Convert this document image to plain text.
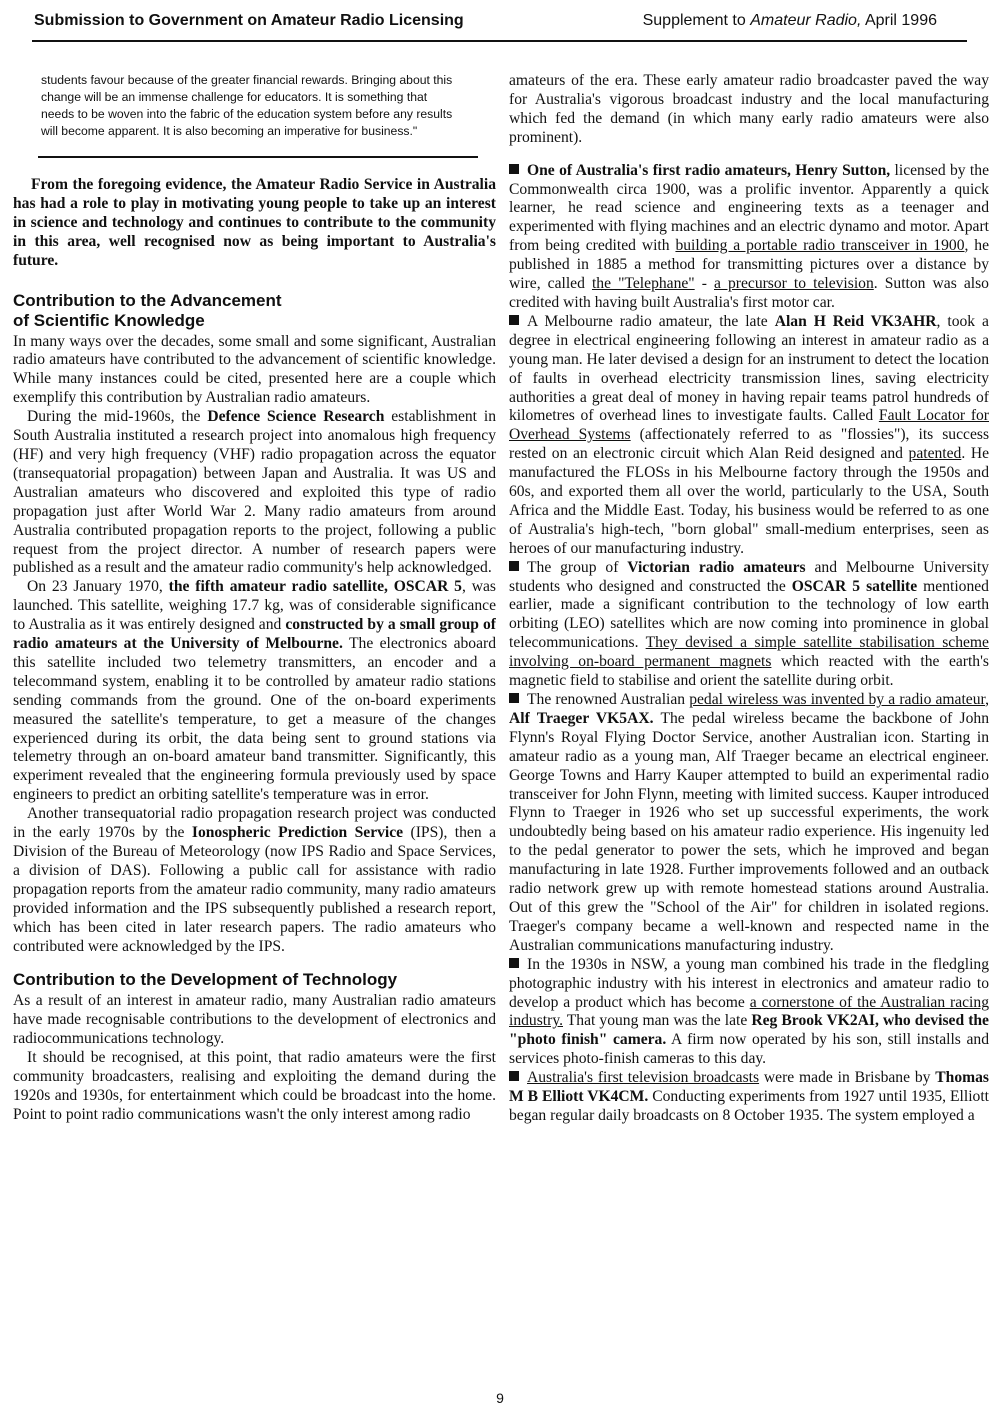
Submission to Government on Amateur Radio Licensing	Supplement to Amateur Radio, April 1996

students favour because of the greater financial rewards. Bringing about this change will be an immense challenge for educators. It is something that needs to be woven into the fabric of the education system before any results will become apparent. It is also becoming an imperative for business."

From the foregoing evidence, the Amateur Radio Service in Australia has had a role to play in motivating young people to take up an interest in science and technology and continues to contribute to the community in this area, well recognised now as being important to Australia's future.

Contribution to the Advancement
of Scientific Knowledge

In many ways over the decades, some small and some significant, Australian radio amateurs have contributed to the advancement of scientific knowledge. While many instances could be cited, presented here are a couple which exemplify this contribution by Australian radio amateurs.

During the mid-1960s, the Defence Science Research establishment in South Australia instituted a research project into anomalous high frequency (HF) and very high frequency (VHF) radio propagation across the equator (transequatorial propagation) between Japan and Australia. It was US and Australian amateurs who discovered and exploited this type of radio propagation just after World War 2. Many radio amateurs from around Australia contributed propagation reports to the project, following a public request from the project director. A number of research papers were published as a result and the amateur radio community's help acknowledged.

On 23 January 1970, the fifth amateur radio satellite, OSCAR 5, was launched. This satellite, weighing 17.7 kg, was of considerable significance to Australia as it was entirely designed and constructed by a small group of radio amateurs at the University of Melbourne. The electronics aboard this satellite included two telemetry transmitters, an encoder and a telecommand system, enabling it to be controlled by amateur radio stations sending commands from the ground. One of the on-board experiments measured the satellite's temperature, to get a measure of the changes experienced during its orbit, the data being sent to ground stations via telemetry through an on-board amateur band transmitter. Significantly, this experiment revealed that the engineering formula previously used by space engineers to predict an orbiting satellite's temperature was in error.

Another transequatorial radio propagation research project was conducted in the early 1970s by the Ionospheric Prediction Service (IPS), then a Division of the Bureau of Meteorology (now IPS Radio and Space Services, a division of DAS). Following a public call for assistance with radio propagation reports from the amateur radio community, many radio amateurs provided information and the IPS subsequently published a research report, which has been cited in later research papers. The radio amateurs who contributed were acknowledged by the IPS.

Contribution to the Development of Technology

As a result of an interest in amateur radio, many Australian radio amateurs have made recognisable contributions to the development of electronics and radiocommunications technology.

It should be recognised, at this point, that radio amateurs were the first community broadcasters, realising and exploiting the demand during the 1920s and 1930s, for entertainment which could be broadcast into the home. Point to point radio communications wasn't the only interest among radio

amateurs of the era. These early amateur radio broadcaster paved the way for Australia's vigorous broadcast industry and the local manufacturing which fed the demand (in which many early radio amateurs were also prominent).

One of Australia's first radio amateurs, Henry Sutton, licensed by the Commonwealth circa 1900, was a prolific inventor. Apparently a quick learner, he read science and engineering texts as a teenager and experimented with flying machines and an electric dynamo and motor. Apart from being credited with building a portable radio transceiver in 1900, he published in 1885 a method for transmitting pictures over a distance by wire, called the "Telephane" - a precursor to television. Sutton was also credited with having built Australia's first motor car.

A Melbourne radio amateur, the late Alan H Reid VK3AHR, took a degree in electrical engineering following an interest in amateur radio as a young man. He later devised a design for an instrument to detect the location of faults in overhead electricity transmission lines, saving electricity authorities a great deal of money in having repair teams patrol hundreds of kilometres of overhead lines to investigate faults. Called Fault Locator for Overhead Systems (affectionately referred to as "flossies"), its success rested on an electronic circuit which Alan Reid designed and patented. He manufactured the FLOSs in his Melbourne factory through the 1950s and 60s, and exported them all over the world, particularly to the USA, South Africa and the Middle East. Today, his business would be referred to as one of Australia's high-tech, "born global" small-medium enterprises, seen as heroes of our manufacturing industry.

The group of Victorian radio amateurs and Melbourne University students who designed and constructed the OSCAR 5 satellite mentioned earlier, made a significant contribution to the technology of low earth orbiting (LEO) satellites which are now coming into prominence in global telecommunications. They devised a simple satellite stabilisation scheme involving on-board permanent magnets which reacted with the earth's magnetic field to stabilise and orient the satellite during orbit.

The renowned Australian pedal wireless was invented by a radio amateur, Alf Traeger VK5AX. The pedal wireless became the backbone of John Flynn's Royal Flying Doctor Service, another Australian icon. Starting in amateur radio as a young man, Alf Traeger became an electrical engineer. George Towns and Harry Kauper attempted to build an experimental radio transceiver for John Flynn, meeting with limited success. Kauper introduced Flynn to Traeger in 1926 who set up successful experiments, the work undoubtedly being based on his amateur radio experience. His ingenuity led to the pedal generator to power the sets, which he improved and began manufacturing in late 1928. Further improvements followed and an outback radio network grew up with remote homestead stations around Australia. Out of this grew the "School of the Air" for children in isolated regions. Traeger's company became a well-known and respected name in the Australian communications manufacturing industry.

In the 1930s in NSW, a young man combined his trade in the fledgling photographic industry with his interest in electronics and amateur radio to develop a product which has become a cornerstone of the Australian racing industry. That young man was the late Reg Brook VK2AI, who devised the "photo finish" camera. A firm now operated by his son, still installs and services photo-finish cameras to this day.

Australia's first television broadcasts were made in Brisbane by Thomas M B Elliott VK4CM. Conducting experiments from 1927 until 1935, Elliott began regular daily broadcasts on 8 October 1935. The system employed a

9
